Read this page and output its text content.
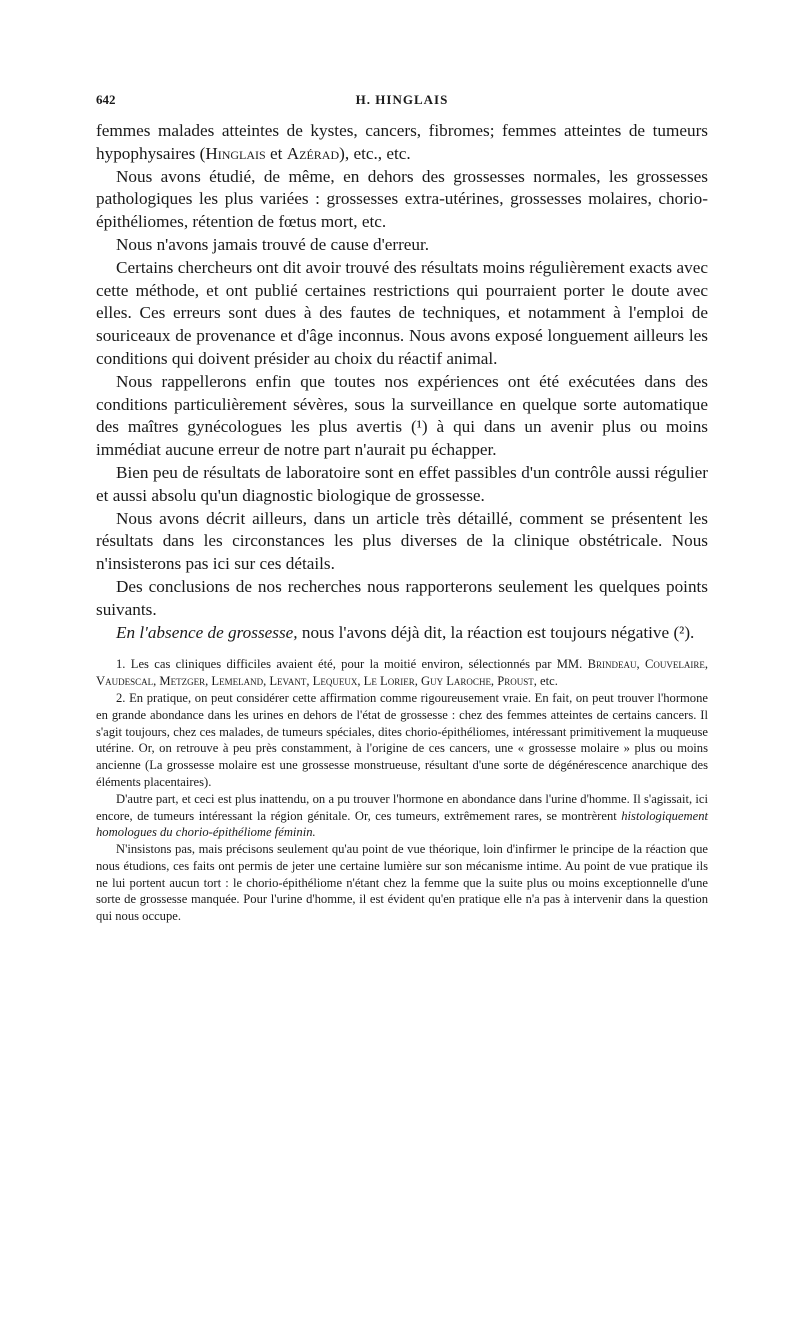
642	H. HINGLAIS

femmes malades atteintes de kystes, cancers, fibromes; femmes atteintes de tumeurs hypophysaires (Hinglais et Azérad), etc., etc.

Nous avons étudié, de même, en dehors des grossesses normales, les grossesses pathologiques les plus variées : grossesses extra-utérines, grossesses molaires, chorio-épithéliomes, rétention de fœtus mort, etc.

Nous n'avons jamais trouvé de cause d'erreur.

Certains chercheurs ont dit avoir trouvé des résultats moins régulièrement exacts avec cette méthode, et ont publié certaines restrictions qui pourraient porter le doute avec elles. Ces erreurs sont dues à des fautes de techniques, et notamment à l'emploi de souriceaux de provenance et d'âge inconnus. Nous avons exposé longuement ailleurs les conditions qui doivent présider au choix du réactif animal.

Nous rappellerons enfin que toutes nos expériences ont été exécutées dans des conditions particulièrement sévères, sous la surveillance en quelque sorte automatique des maîtres gynécologues les plus avertis (¹) à qui dans un avenir plus ou moins immédiat aucune erreur de notre part n'aurait pu échapper.

Bien peu de résultats de laboratoire sont en effet passibles d'un contrôle aussi régulier et aussi absolu qu'un diagnostic biologique de grossesse.

Nous avons décrit ailleurs, dans un article très détaillé, comment se présentent les résultats dans les circonstances les plus diverses de la clinique obstétricale. Nous n'insisterons pas ici sur ces détails.

Des conclusions de nos recherches nous rapporterons seulement les quelques points suivants.

En l'absence de grossesse, nous l'avons déjà dit, la réaction est toujours négative (²).

1. Les cas cliniques difficiles avaient été, pour la moitié environ, sélectionnés par MM. Brindeau, Couvelaire, Vaudescal, Metzger, Lemeland, Levant, Lequeux, Le Lorier, Guy Laroche, Proust, etc.

2. En pratique, on peut considérer cette affirmation comme rigoureusement vraie. En fait, on peut trouver l'hormone en grande abondance dans les urines en dehors de l'état de grossesse : chez des femmes atteintes de certains cancers. Il s'agit toujours, chez ces malades, de tumeurs spéciales, dites chorio-épithéliomes, intéressant primitivement la muqueuse utérine. Or, on retrouve à peu près constamment, à l'origine de ces cancers, une « grossesse molaire » plus ou moins ancienne (La grossesse molaire est une grossesse monstrueuse, résultant d'une sorte de dégénérescence anarchique des éléments placentaires).

D'autre part, et ceci est plus inattendu, on a pu trouver l'hormone en abondance dans l'urine d'homme. Il s'agissait, ici encore, de tumeurs intéressant la région génitale. Or, ces tumeurs, extrêmement rares, se montrèrent histologiquement homologues du chorio-épithéliome féminin.

N'insistons pas, mais précisons seulement qu'au point de vue théorique, loin d'infirmer le principe de la réaction que nous étudions, ces faits ont permis de jeter une certaine lumière sur son mécanisme intime. Au point de vue pratique ils ne lui portent aucun tort : le chorio-épithéliome n'étant chez la femme que la suite plus ou moins exceptionnelle d'une sorte de grossesse manquée. Pour l'urine d'homme, il est évident qu'en pratique elle n'a pas à intervenir dans la question qui nous occupe.
